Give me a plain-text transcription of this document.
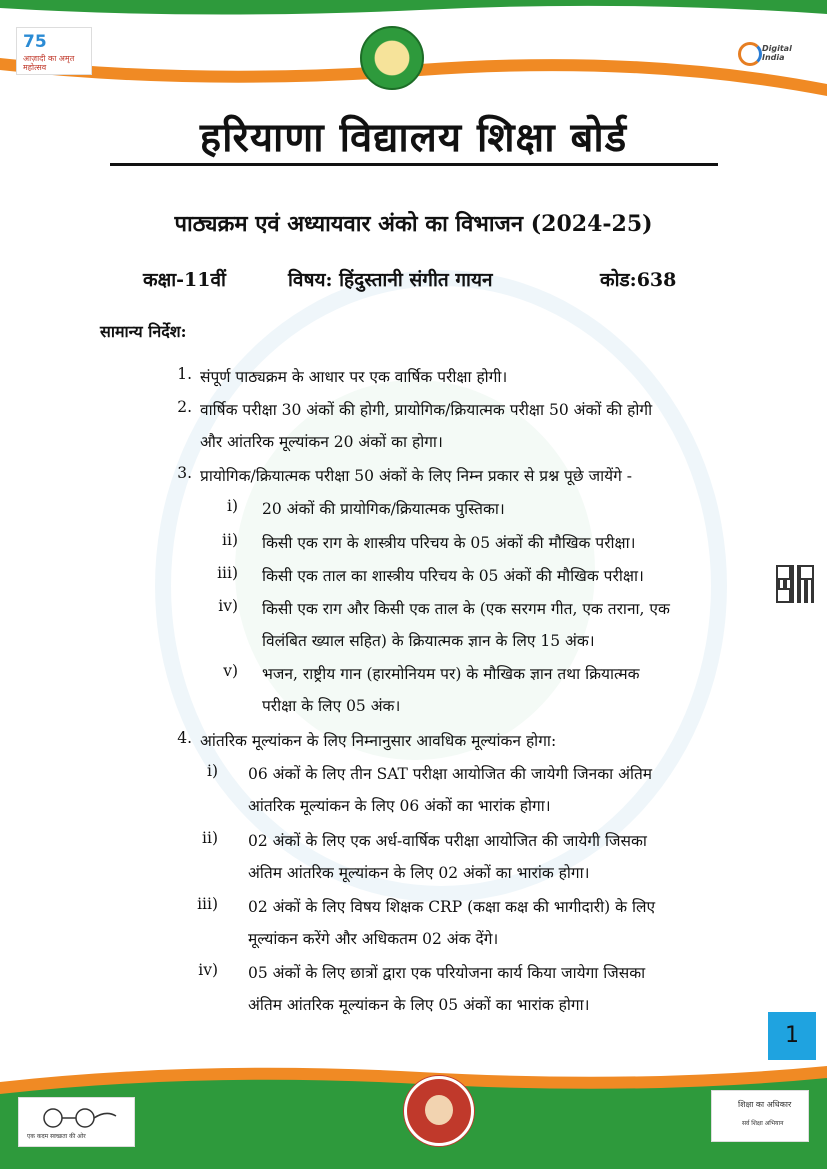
75
आज़ादी का अमृत महोत्सव
Digital India
हरियाणा विद्यालय शिक्षा बोर्ड
पाठ्यक्रम एवं अध्यायवार अंको का विभाजन (2024-25)
कक्षा-11वीं	विषय: हिंदुस्तानी संगीत गायन	कोड:638
सामान्य निर्देश:
1. संपूर्ण पाठ्यक्रम के आधार पर एक वार्षिक परीक्षा होगी।
2. वार्षिक परीक्षा 30 अंकों की होगी, प्रायोगिक/क्रियात्मक परीक्षा 50 अंकों की होगी
और आंतरिक मूल्यांकन 20 अंकों का होगा।
3. प्रायोगिक/क्रियात्मक परीक्षा 50 अंकों के लिए निम्न प्रकार से प्रश्न पूछे जायेंगे -
i) 20 अंकों की प्रायोगिक/क्रियात्मक पुस्तिका।
ii) किसी एक राग के शास्त्रीय परिचय के 05 अंकों की मौखिक परीक्षा।
iii) किसी एक ताल का शास्त्रीय परिचय के 05 अंकों की मौखिक परीक्षा।
iv) किसी एक राग और किसी एक ताल के (एक सरगम गीत, एक तराना, एक
विलंबित ख्याल सहित) के क्रियात्मक ज्ञान के लिए 15 अंक।
v) भजन, राष्ट्रीय गान (हारमोनियम पर) के मौखिक ज्ञान तथा क्रियात्मक
परीक्षा के लिए 05 अंक।
4. आंतरिक मूल्यांकन के लिए निम्नानुसार आवधिक मूल्यांकन होगा:
i) 06 अंकों के लिए तीन SAT परीक्षा आयोजित की जायेगी जिनका अंतिम
आंतरिक मूल्यांकन के लिए 06 अंकों का भारांक होगा।
ii) 02 अंकों के लिए एक अर्ध-वार्षिक परीक्षा आयोजित की जायेगी जिसका
अंतिम आंतरिक मूल्यांकन के लिए 02 अंकों का भारांक होगा।
iii) 02 अंकों के लिए विषय शिक्षक CRP (कक्षा कक्ष की भागीदारी) के लिए
मूल्यांकन करेंगे और अधिकतम 02 अंक देंगे।
iv) 05 अंकों के लिए छात्रों द्वारा एक परियोजना कार्य किया जायेगा जिसका
अंतिम आंतरिक मूल्यांकन के लिए 05 अंकों का भारांक होगा।
1
एक कदम स्वच्छता की ओर
शिक्षा का अधिकार
सर्व शिक्षा अभियान
